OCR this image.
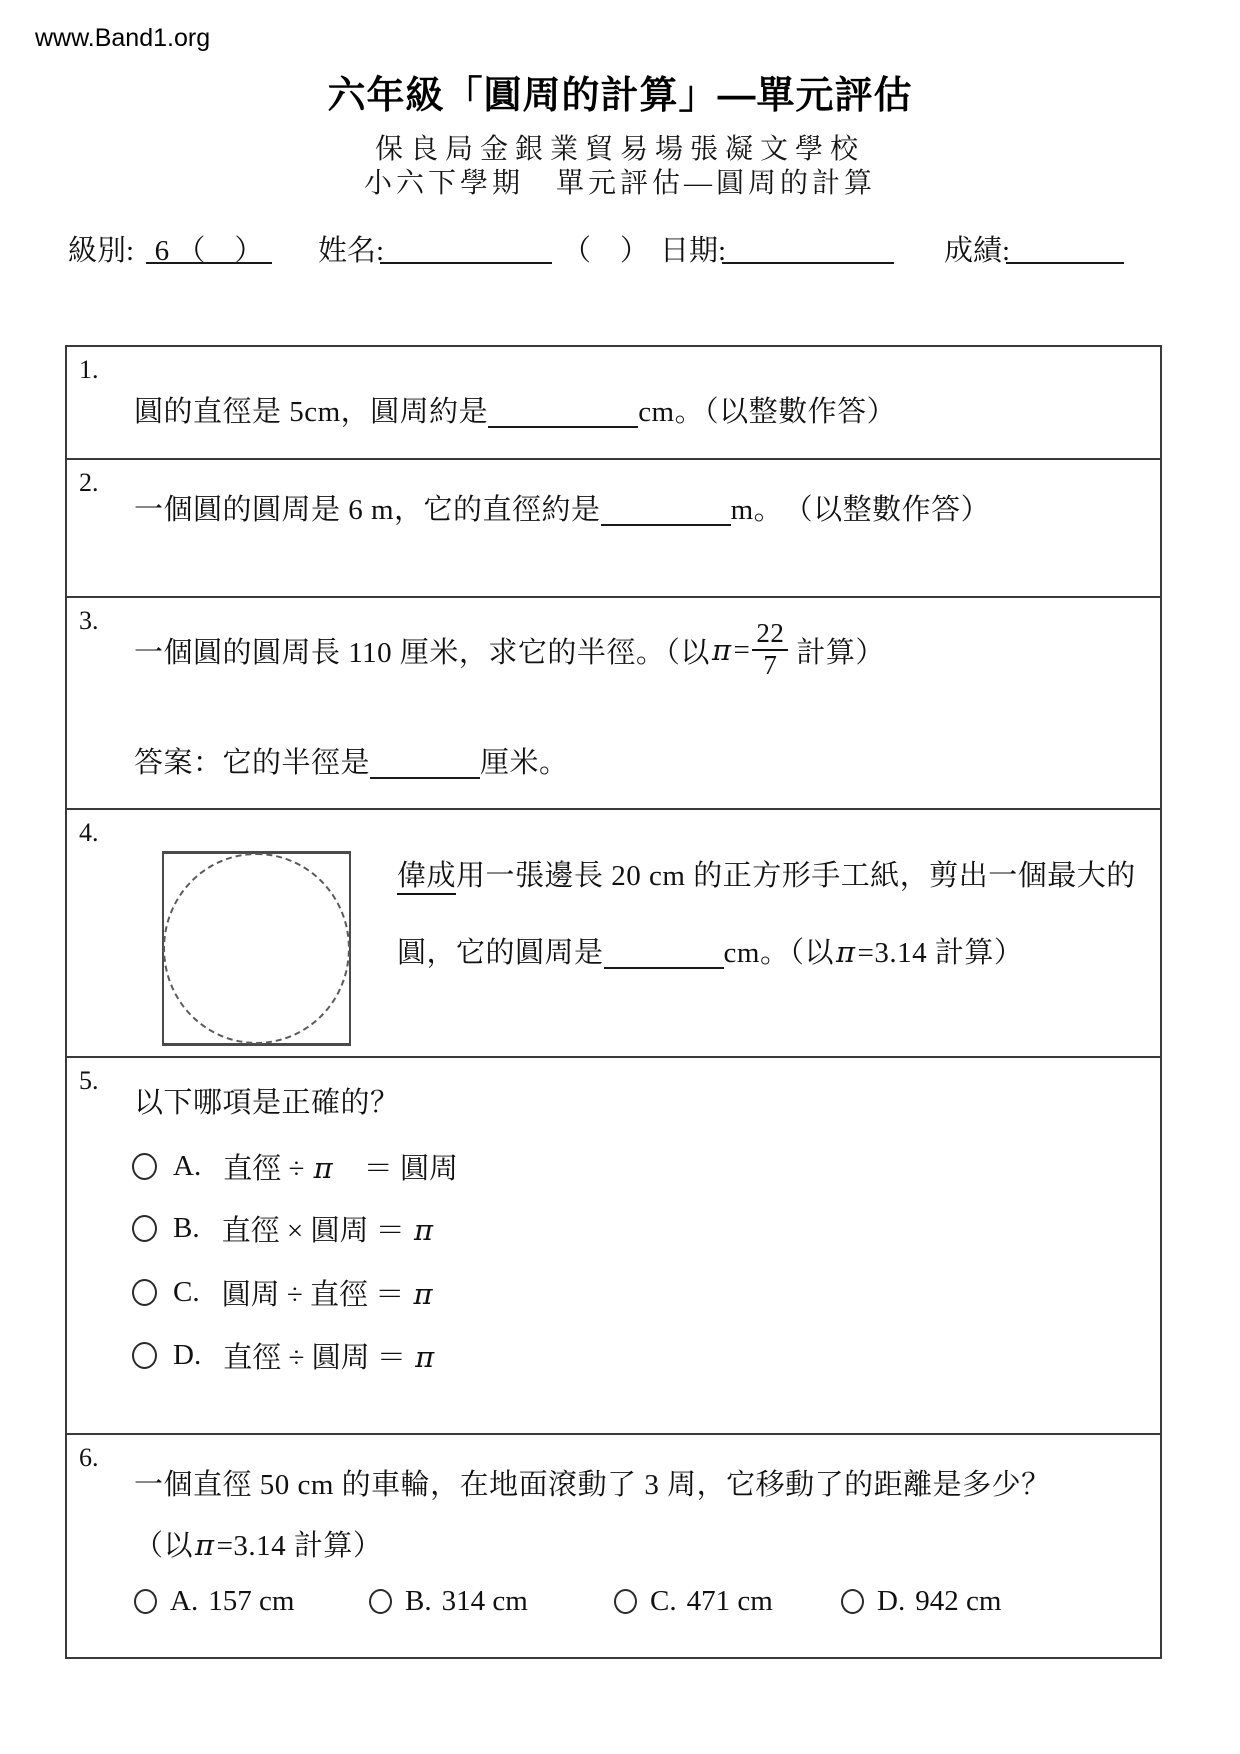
www.Band1.org
六年級「圓周的計算」—單元評估
保良局金銀業貿易場張凝文學校
小六下學期　單元評估—圓周的計算
級別: 6 （　） 姓名:	（　） 日期:	成績:
1.
圓的直徑是 5cm，圓周約是	cm。（以整數作答）
2.
一個圓的圓周是 6 m，它的直徑約是	m。　（以整數作答）
3.
一個圓的圓周長 110 厘米，求它的半徑。（以 $\pi = \frac{22}{7}$ 計算）
答案：它的半徑是	厘米。
4.
偉成用一張邊長 20 cm 的正方形手工紙，剪出一個最大的
圓，它的圓周是	cm。（以π=3.14 計算）
5.
以下哪項是正確的？
A. 直徑 ÷ π　＝ 圓周
B. 直徑 × 圓周 ＝ π
C. 圓周 ÷ 直徑 ＝ π
D. 直徑 ÷ 圓周 ＝ π
6.
一個直徑 50 cm 的車輪，在地面滾動了 3 周，它移動了的距離是多少？
（以π=3.14 計算）
A. 157 cm	B. 314 cm	C. 471 cm	D. 942 cm
